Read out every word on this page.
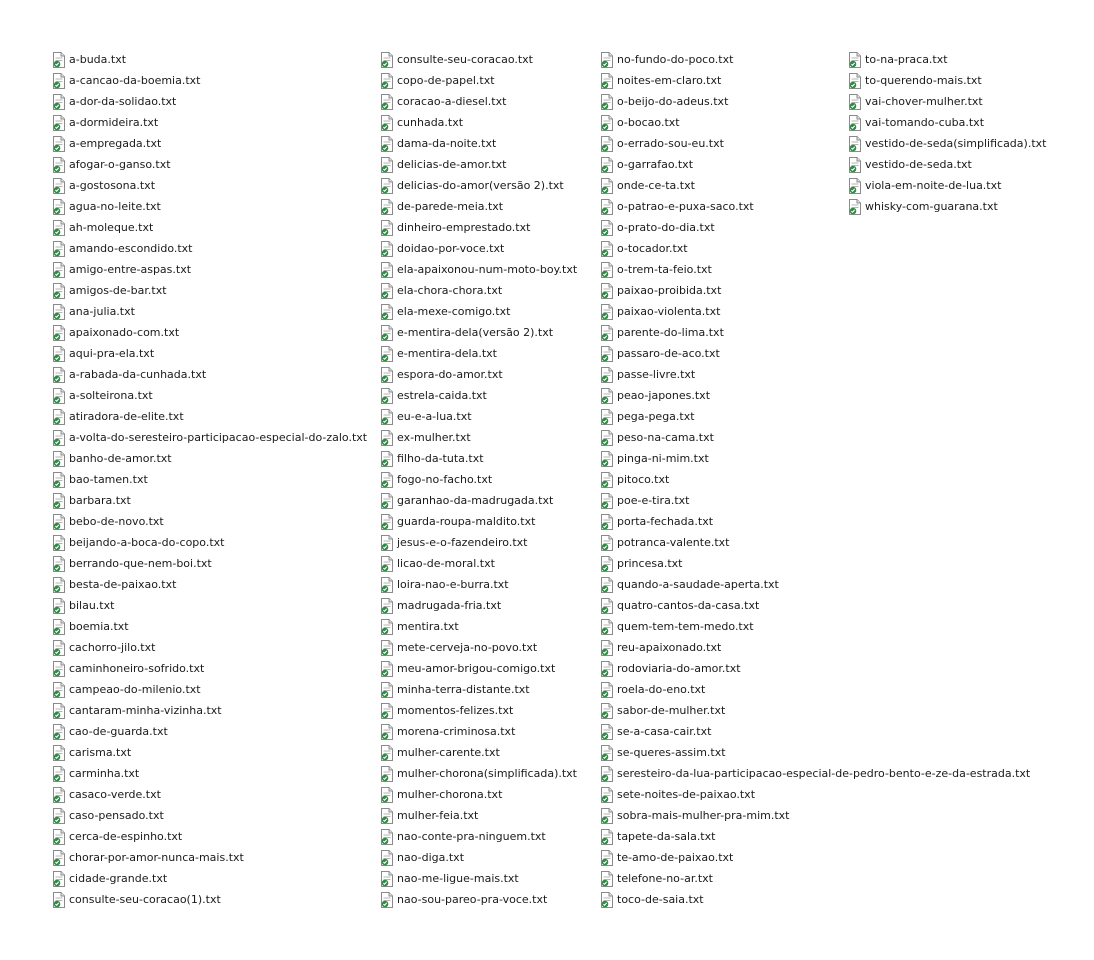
a-buda.txt
a-cancao-da-boemia.txt
a-dor-da-solidao.txt
a-dormideira.txt
a-empregada.txt
afogar-o-ganso.txt
a-gostosona.txt
agua-no-leite.txt
ah-moleque.txt
amando-escondido.txt
amigo-entre-aspas.txt
amigos-de-bar.txt
ana-julia.txt
apaixonado-com.txt
aqui-pra-ela.txt
a-rabada-da-cunhada.txt
a-solteirona.txt
atiradora-de-elite.txt
a-volta-do-seresteiro-participacao-especial-do-zalo.txt
banho-de-amor.txt
bao-tamen.txt
barbara.txt
bebo-de-novo.txt
beijando-a-boca-do-copo.txt
berrando-que-nem-boi.txt
besta-de-paixao.txt
bilau.txt
boemia.txt
cachorro-jilo.txt
caminhoneiro-sofrido.txt
campeao-do-milenio.txt
cantaram-minha-vizinha.txt
cao-de-guarda.txt
carisma.txt
carminha.txt
casaco-verde.txt
caso-pensado.txt
cerca-de-espinho.txt
chorar-por-amor-nunca-mais.txt
cidade-grande.txt
consulte-seu-coracao(1).txt
consulte-seu-coracao.txt
copo-de-papel.txt
coracao-a-diesel.txt
cunhada.txt
dama-da-noite.txt
delicias-de-amor.txt
delicias-do-amor(versão 2).txt
de-parede-meia.txt
dinheiro-emprestado.txt
doidao-por-voce.txt
ela-apaixonou-num-moto-boy.txt
ela-chora-chora.txt
ela-mexe-comigo.txt
e-mentira-dela(versão 2).txt
e-mentira-dela.txt
espora-do-amor.txt
estrela-caida.txt
eu-e-a-lua.txt
ex-mulher.txt
filho-da-tuta.txt
fogo-no-facho.txt
garanhao-da-madrugada.txt
guarda-roupa-maldito.txt
jesus-e-o-fazendeiro.txt
licao-de-moral.txt
loira-nao-e-burra.txt
madrugada-fria.txt
mentira.txt
mete-cerveja-no-povo.txt
meu-amor-brigou-comigo.txt
minha-terra-distante.txt
momentos-felizes.txt
morena-criminosa.txt
mulher-carente.txt
mulher-chorona(simplificada).txt
mulher-chorona.txt
mulher-feia.txt
nao-conte-pra-ninguem.txt
nao-diga.txt
nao-me-ligue-mais.txt
nao-sou-pareo-pra-voce.txt
no-fundo-do-poco.txt
noites-em-claro.txt
o-beijo-do-adeus.txt
o-bocao.txt
o-errado-sou-eu.txt
o-garrafao.txt
onde-ce-ta.txt
o-patrao-e-puxa-saco.txt
o-prato-do-dia.txt
o-tocador.txt
o-trem-ta-feio.txt
paixao-proibida.txt
paixao-violenta.txt
parente-do-lima.txt
passaro-de-aco.txt
passe-livre.txt
peao-japones.txt
pega-pega.txt
peso-na-cama.txt
pinga-ni-mim.txt
pitoco.txt
poe-e-tira.txt
porta-fechada.txt
potranca-valente.txt
princesa.txt
quando-a-saudade-aperta.txt
quatro-cantos-da-casa.txt
quem-tem-tem-medo.txt
reu-apaixonado.txt
rodoviaria-do-amor.txt
roela-do-eno.txt
sabor-de-mulher.txt
se-a-casa-cair.txt
se-queres-assim.txt
seresteiro-da-lua-participacao-especial-de-pedro-bento-e-ze-da-estrada.txt
sete-noites-de-paixao.txt
sobra-mais-mulher-pra-mim.txt
tapete-da-sala.txt
te-amo-de-paixao.txt
telefone-no-ar.txt
toco-de-saia.txt
to-na-praca.txt
to-querendo-mais.txt
vai-chover-mulher.txt
vai-tomando-cuba.txt
vestido-de-seda(simplificada).txt
vestido-de-seda.txt
viola-em-noite-de-lua.txt
whisky-com-guarana.txt
